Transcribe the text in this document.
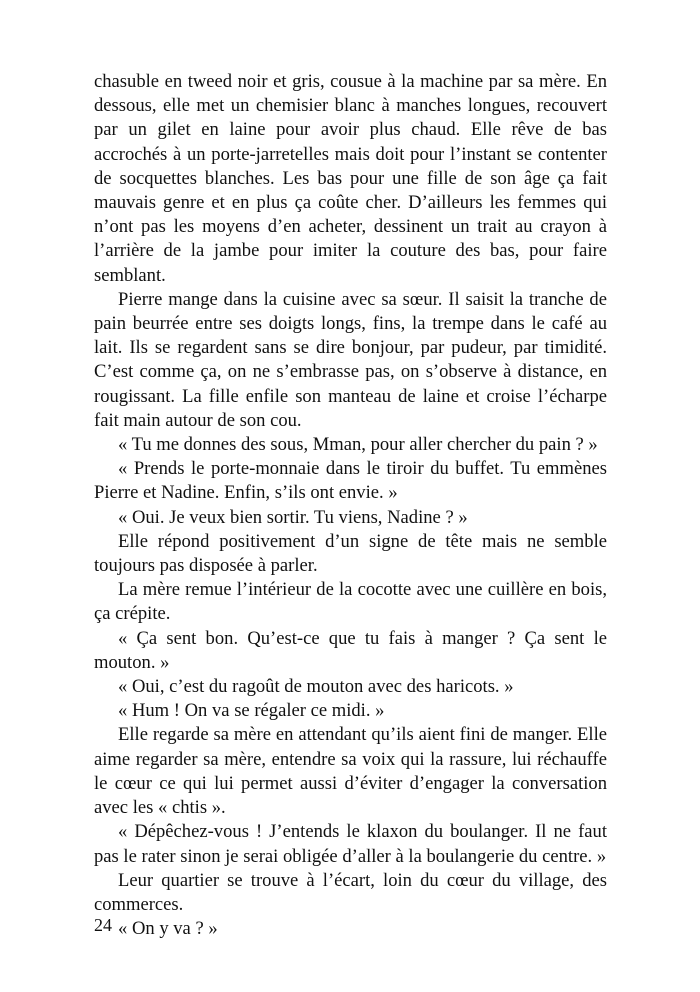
chasuble en tweed noir et gris, cousue à la machine par sa mère. En dessous, elle met un chemisier blanc à manches longues, recouvert par un gilet en laine pour avoir plus chaud. Elle rêve de bas accrochés à un porte-jarretelles mais doit pour l’instant se contenter de socquettes blanches. Les bas pour une fille de son âge ça fait mauvais genre et en plus ça coûte cher. D’ailleurs les femmes qui n’ont pas les moyens d’en acheter, dessinent un trait au crayon à l’arrière de la jambe pour imiter la couture des bas, pour faire semblant.

Pierre mange dans la cuisine avec sa sœur. Il saisit la tranche de pain beurrée entre ses doigts longs, fins, la trempe dans le café au lait. Ils se regardent sans se dire bonjour, par pudeur, par timidité. C’est comme ça, on ne s’embrasse pas, on s’observe à distance, en rougissant. La fille enfile son manteau de laine et croise l’écharpe fait main autour de son cou.

« Tu me donnes des sous, Mman, pour aller chercher du pain ? »

« Prends le porte-monnaie dans le tiroir du buffet. Tu emmènes Pierre et Nadine. Enfin, s’ils ont envie. »

« Oui. Je veux bien sortir. Tu viens, Nadine ? »

Elle répond positivement d’un signe de tête mais ne semble toujours pas disposée à parler.

La mère remue l’intérieur de la cocotte avec une cuillère en bois, ça crépite.

« Ça sent bon. Qu’est-ce que tu fais à manger ? Ça sent le mouton. »

« Oui, c’est du ragoût de mouton avec des haricots. »

« Hum ! On va se régaler ce midi. »

Elle regarde sa mère en attendant qu’ils aient fini de manger. Elle aime regarder sa mère, entendre sa voix qui la rassure, lui réchauffe le cœur ce qui lui permet aussi d’éviter d’engager la conversation avec les « chtis ».

« Dépêchez-vous ! J’entends le klaxon du boulanger. Il ne faut pas le rater sinon je serai obligée d’aller à la boulangerie du centre. »

Leur quartier se trouve à l’écart, loin du cœur du village, des commerces.

« On y va ? »

24
